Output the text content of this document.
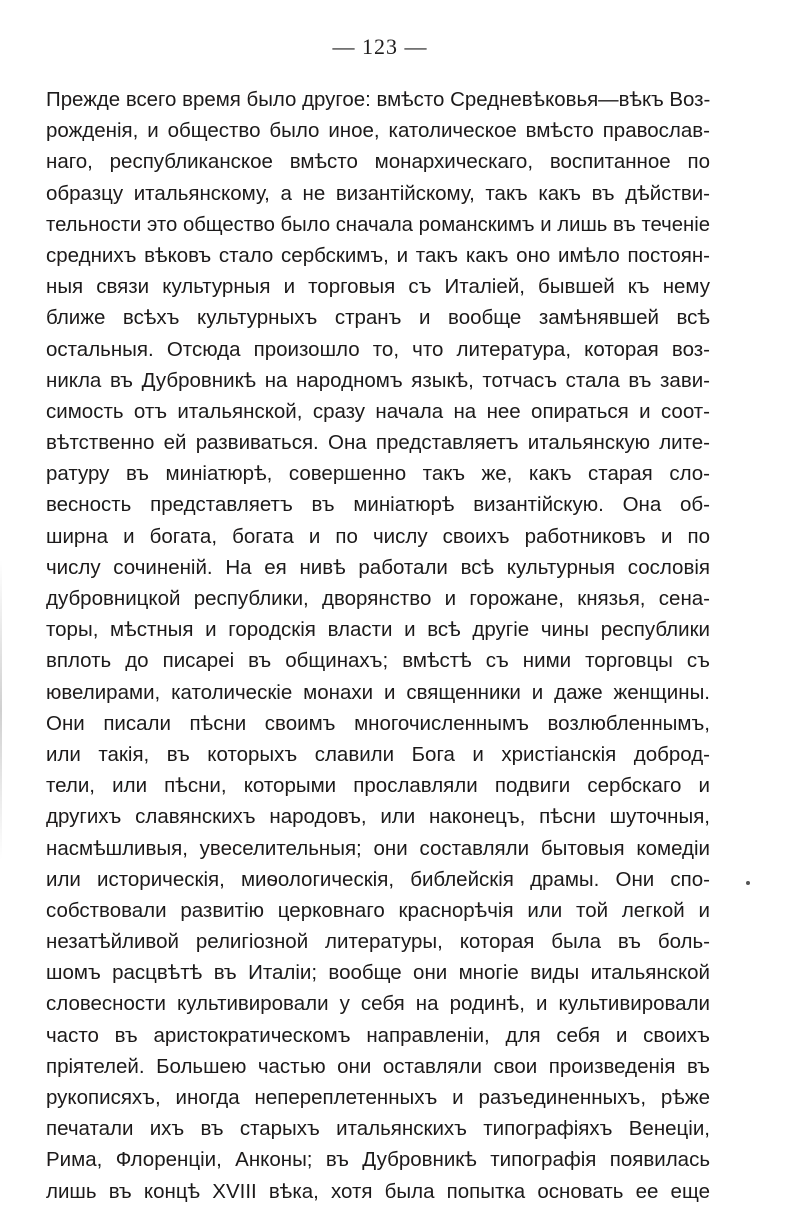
— 123 —
Прежде всего время было другое: вмѣсто Средневѣковья—вѣкъ Воз-
рожденія, и общество было иное, католическое вмѣсто православ-
наго, республиканское вмѣсто монархическаго, воспитанное по
образцу итальянскому, а не византійскому, такъ какъ въ дѣйстви-
тельности это общество было сначала романскимъ и лишь въ теченіе
среднихъ вѣковъ стало сербскимъ, и такъ какъ оно имѣло постоян-
ныя связи культурныя и торговыя съ Италіей, бывшей къ нему
ближе всѣхъ культурныхъ странъ и вообще замѣнявшей всѣ
остальныя. Отсюда произошло то, что литература, которая воз-
никла въ Дубровникѣ на народномъ языкѣ, тотчасъ стала въ зави-
симость отъ итальянской, сразу начала на нее опираться и соот-
вѣтственно ей развиваться. Она представляетъ итальянскую лите-
ратуру въ миніатюрѣ, совершенно такъ же, какъ старая сло-
весность представляетъ въ миніатюрѣ византійскую. Она об-
ширна и богата, богата и по числу своихъ работниковъ и по
числу сочиненій. На ея нивѣ работали всѣ культурныя сословія
дубровницкой республики, дворянство и горожане, князья, сена-
торы, мѣстныя и городскія власти и всѣ другіе чины республики
вплоть до писареі въ общинахъ; вмѣстѣ съ ними торговцы съ
ювелирами, католическіе монахи и священники и даже женщины.
Они писали пѣсни своимъ многочисленнымъ возлюбленнымъ,
или такія, въ которыхъ славили Бога и христіанскія доброд-
тели, или пѣсни, которыми прославляли подвиги сербскаго и
другихъ славянскихъ народовъ, или наконецъ, пѣсни шуточныя,
насмѣшливыя, увеселительныя; они составляли бытовыя комедіи
или историческія, миѳологическія, библейскія драмы. Они спо-
собствовали развитію церковнаго краснорѣчія или той легкой и
незатѣйливой религіозной литературы, которая была въ боль-
шомъ расцвѣтѣ въ Италіи; вообще они многіе виды итальянской
словесности культивировали у себя на родинѣ, и культивировали
часто въ аристократическомъ направленіи, для себя и своихъ
пріятелей. Большею частью они оставляли свои произведенія въ
рукописяхъ, иногда непереплетенныхъ и разъединенныхъ, рѣже
печатали ихъ въ старыхъ итальянскихъ типографіяхъ Венеціи,
Рима, Флоренціи, Анконы; въ Дубровникѣ типографія появилась
лишь въ концѣ XVIII вѣка, хотя была попытка основать ее еще
